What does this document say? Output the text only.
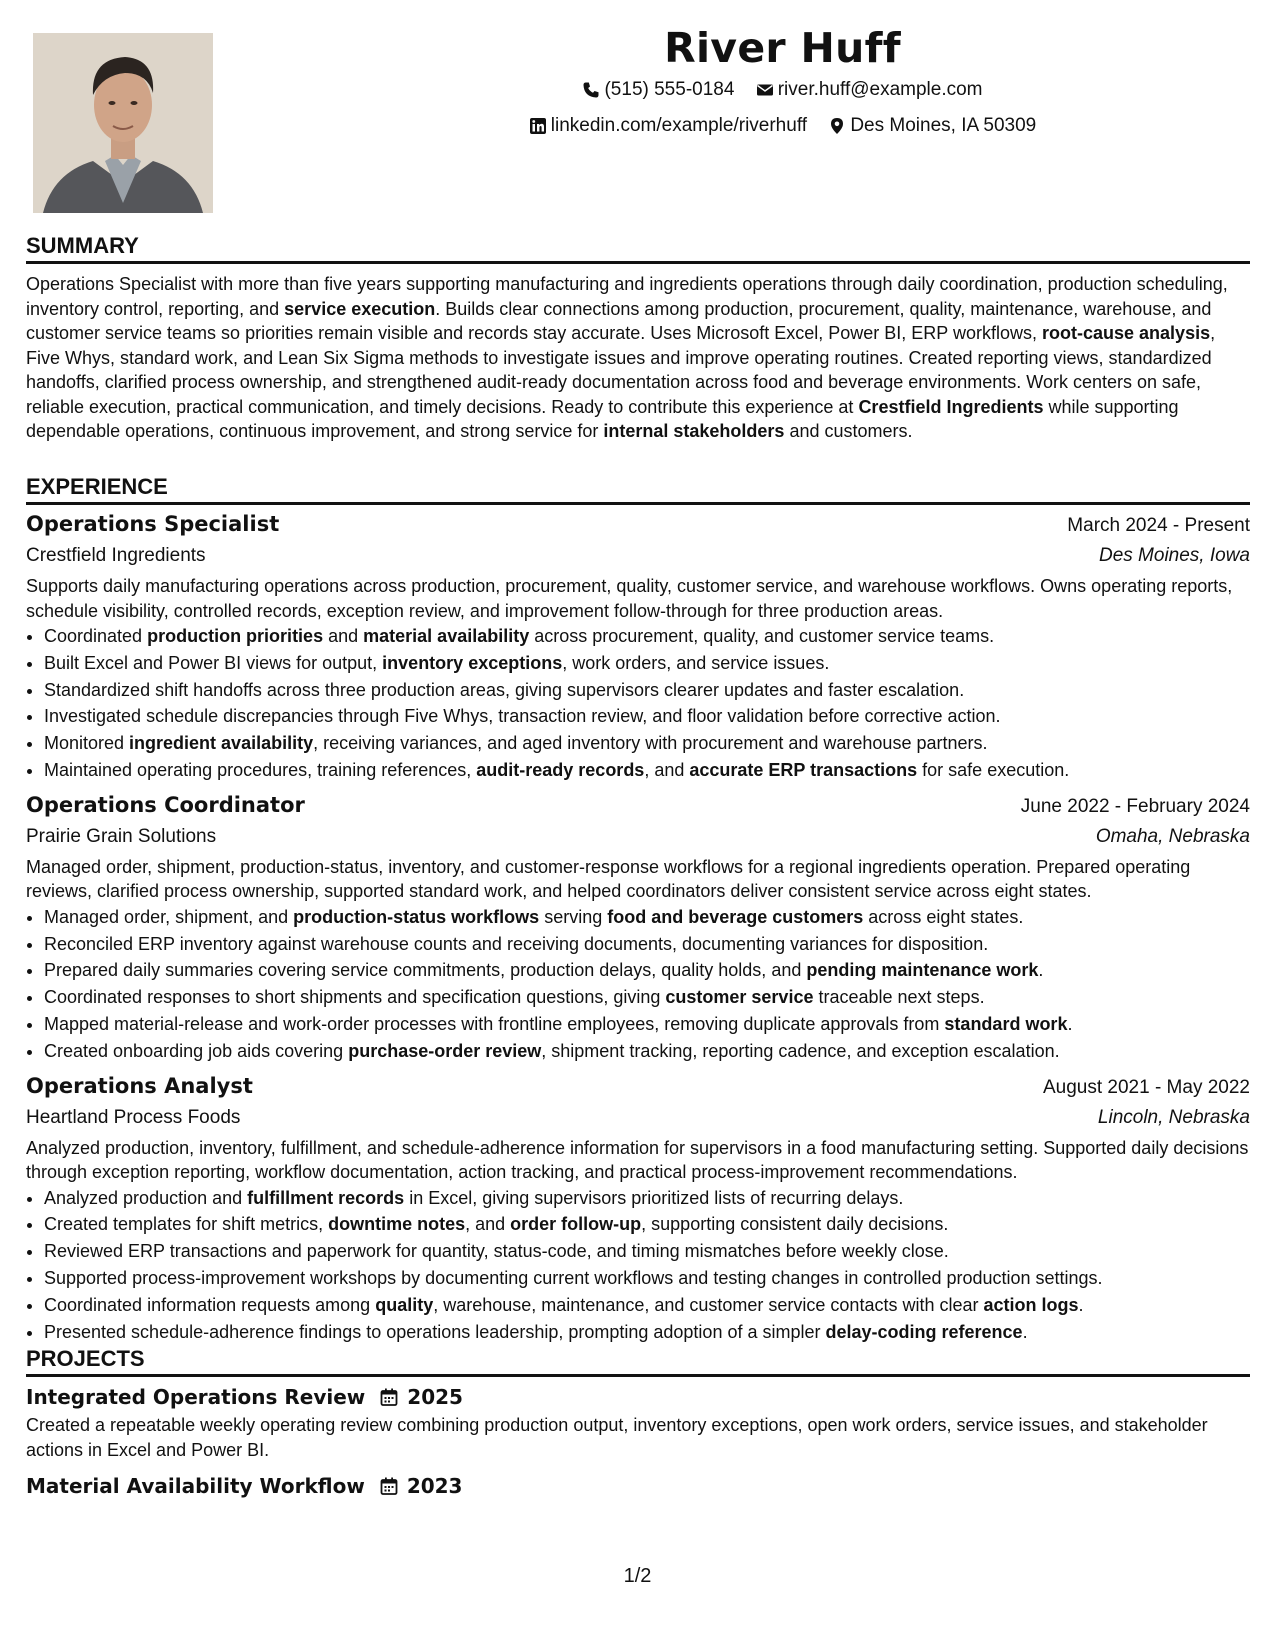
River Huff
(515) 555-0184
river.huff@example.com
linkedin.com/example/riverhuff
Des Moines, IA 50309
SUMMARY

Operations Specialist with more than five years supporting manufacturing and ingredients operations through daily coordination, production scheduling, inventory control, reporting, and service execution. Builds clear connections among production, procurement, quality, maintenance, warehouse, and customer service teams so priorities remain visible and records stay accurate. Uses Microsoft Excel, Power BI, ERP workflows, root-cause analysis, Five Whys, standard work, and Lean Six Sigma methods to investigate issues and improve operating routines. Created reporting views, standardized handoffs, clarified process ownership, and strengthened audit-ready documentation across food and beverage environments. Work centers on safe, reliable execution, practical communication, and timely decisions. Ready to contribute this experience at Crestfield Ingredients while supporting dependable operations, continuous improvement, and strong service for internal stakeholders and customers.

EXPERIENCE
Operations Specialist	March 2024 - Present
Crestfield Ingredients	Des Moines, Iowa

Supports daily manufacturing operations across production, procurement, quality, customer service, and warehouse workflows. Owns operating reports, schedule visibility, controlled records, exception review, and improvement follow-through for three production areas.

• Coordinated production priorities and material availability across procurement, quality, and customer service teams.
• Built Excel and Power BI views for output, inventory exceptions, work orders, and service issues.
• Standardized shift handoffs across three production areas, giving supervisors clearer updates and faster escalation.
• Investigated schedule discrepancies through Five Whys, transaction review, and floor validation before corrective action.
• Monitored ingredient availability, receiving variances, and aged inventory with procurement and warehouse partners.
• Maintained operating procedures, training references, audit-ready records, and accurate ERP transactions for safe execution.
Operations Coordinator	June 2022 - February 2024
Prairie Grain Solutions	Omaha, Nebraska

Managed order, shipment, production-status, inventory, and customer-response workflows for a regional ingredients operation. Prepared operating reviews, clarified process ownership, supported standard work, and helped coordinators deliver consistent service across eight states.

• Managed order, shipment, and production-status workflows serving food and beverage customers across eight states.
• Reconciled ERP inventory against warehouse counts and receiving documents, documenting variances for disposition.
• Prepared daily summaries covering service commitments, production delays, quality holds, and pending maintenance work.
• Coordinated responses to short shipments and specification questions, giving customer service traceable next steps.
• Mapped material-release and work-order processes with frontline employees, removing duplicate approvals from standard work.
• Created onboarding job aids covering purchase-order review, shipment tracking, reporting cadence, and exception escalation.
Operations Analyst	August 2021 - May 2022
Heartland Process Foods	Lincoln, Nebraska

Analyzed production, inventory, fulfillment, and schedule-adherence information for supervisors in a food manufacturing setting. Supported daily decisions through exception reporting, workflow documentation, action tracking, and practical process-improvement recommendations.

• Analyzed production and fulfillment records in Excel, giving supervisors prioritized lists of recurring delays.
• Created templates for shift metrics, downtime notes, and order follow-up, supporting consistent daily decisions.
• Reviewed ERP transactions and paperwork for quantity, status-code, and timing mismatches before weekly close.
• Supported process-improvement workshops by documenting current workflows and testing changes in controlled production settings.
• Coordinated information requests among quality, warehouse, maintenance, and customer service contacts with clear action logs.
• Presented schedule-adherence findings to operations leadership, prompting adoption of a simpler delay-coding reference.
PROJECTS
Integrated Operations Review 2025

Created a repeatable weekly operating review combining production output, inventory exceptions, open work orders, service issues, and stakeholder actions in Excel and Power BI.

Material Availability Workflow 2023
1/2
